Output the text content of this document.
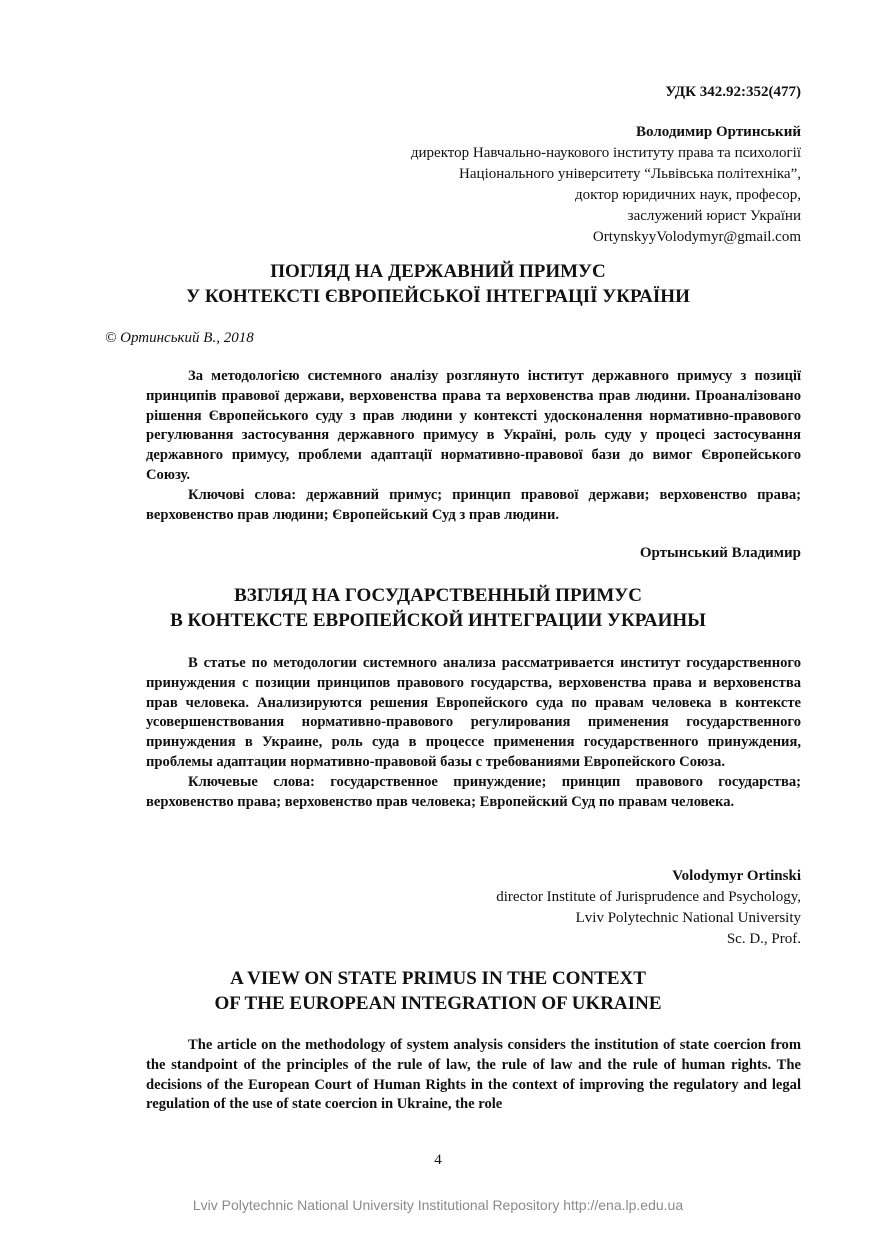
УДК 342.92:352(477)
Володимир Ортинський
директор Навчально-наукового інституту права та психології
Національного університету “Львівська політехніка”,
доктор юридичних наук, професор,
заслужений юрист України
OrtynskyyVolodymyr@gmail.com
ПОГЛЯД НА ДЕРЖАВНИЙ ПРИМУС
У КОНТЕКСТІ ЄВРОПЕЙСЬКОЇ ІНТЕГРАЦІЇ УКРАЇНИ
© Ортинський В., 2018

За методологією системного аналізу розглянуто інститут державного примусу з позиції принципів правової держави, верховенства права та верховенства прав людини. Проаналізовано рішення Європейського суду з прав людини у контексті удосконалення нормативно-правового регулювання застосування державного примусу в Україні, роль суду у процесі застосування державного примусу, проблеми адаптації нормативно-правової бази до вимог Європейського Союзу.

Ключові слова: державний примус; принцип правової держави; верховенство права; верховенство прав людини; Європейський Суд з прав людини.

Ортынський Владимир
ВЗГЛЯД НА ГОСУДАРСТВЕННЫЙ ПРИМУС
В КОНТЕКСТЕ ЕВРОПЕЙСКОЙ ИНТЕГРАЦИИ УКРАИНЫ

В статье по методологии системного анализа рассматривается институт государственного принуждения с позиции принципов правового государства, верховенства права и верховенства прав человека. Анализируются решения Европейского суда по правам человека в контексте усовершенствования нормативно-правового регулирования применения государственного принуждения в Украине, роль суда в процессе применения государственного принуждения, проблемы адаптации нормативно-правовой базы с требованиями Европейского Союза.

Ключевые слова: государственное принуждение; принцип правового государства; верховенство права; верховенство прав человека; Европейский Суд по правам человека.

Volodymyr Ortinski
director Institute of Jurisprudence and Psychology,
Lviv Polytechnic National University
Sc. D., Prof.
A VIEW ON STATE PRIMUS IN THE CONTEXT
OF THE EUROPEAN INTEGRATION OF UKRAINE

The article on the methodology of system analysis considers the institution of state coercion from the standpoint of the principles of the rule of law, the rule of law and the rule of human rights. The decisions of the European Court of Human Rights in the context of improving the regulatory and legal regulation of the use of state coercion in Ukraine, the role

4
Lviv Polytechnic National University Institutional Repository http://ena.lp.edu.ua
